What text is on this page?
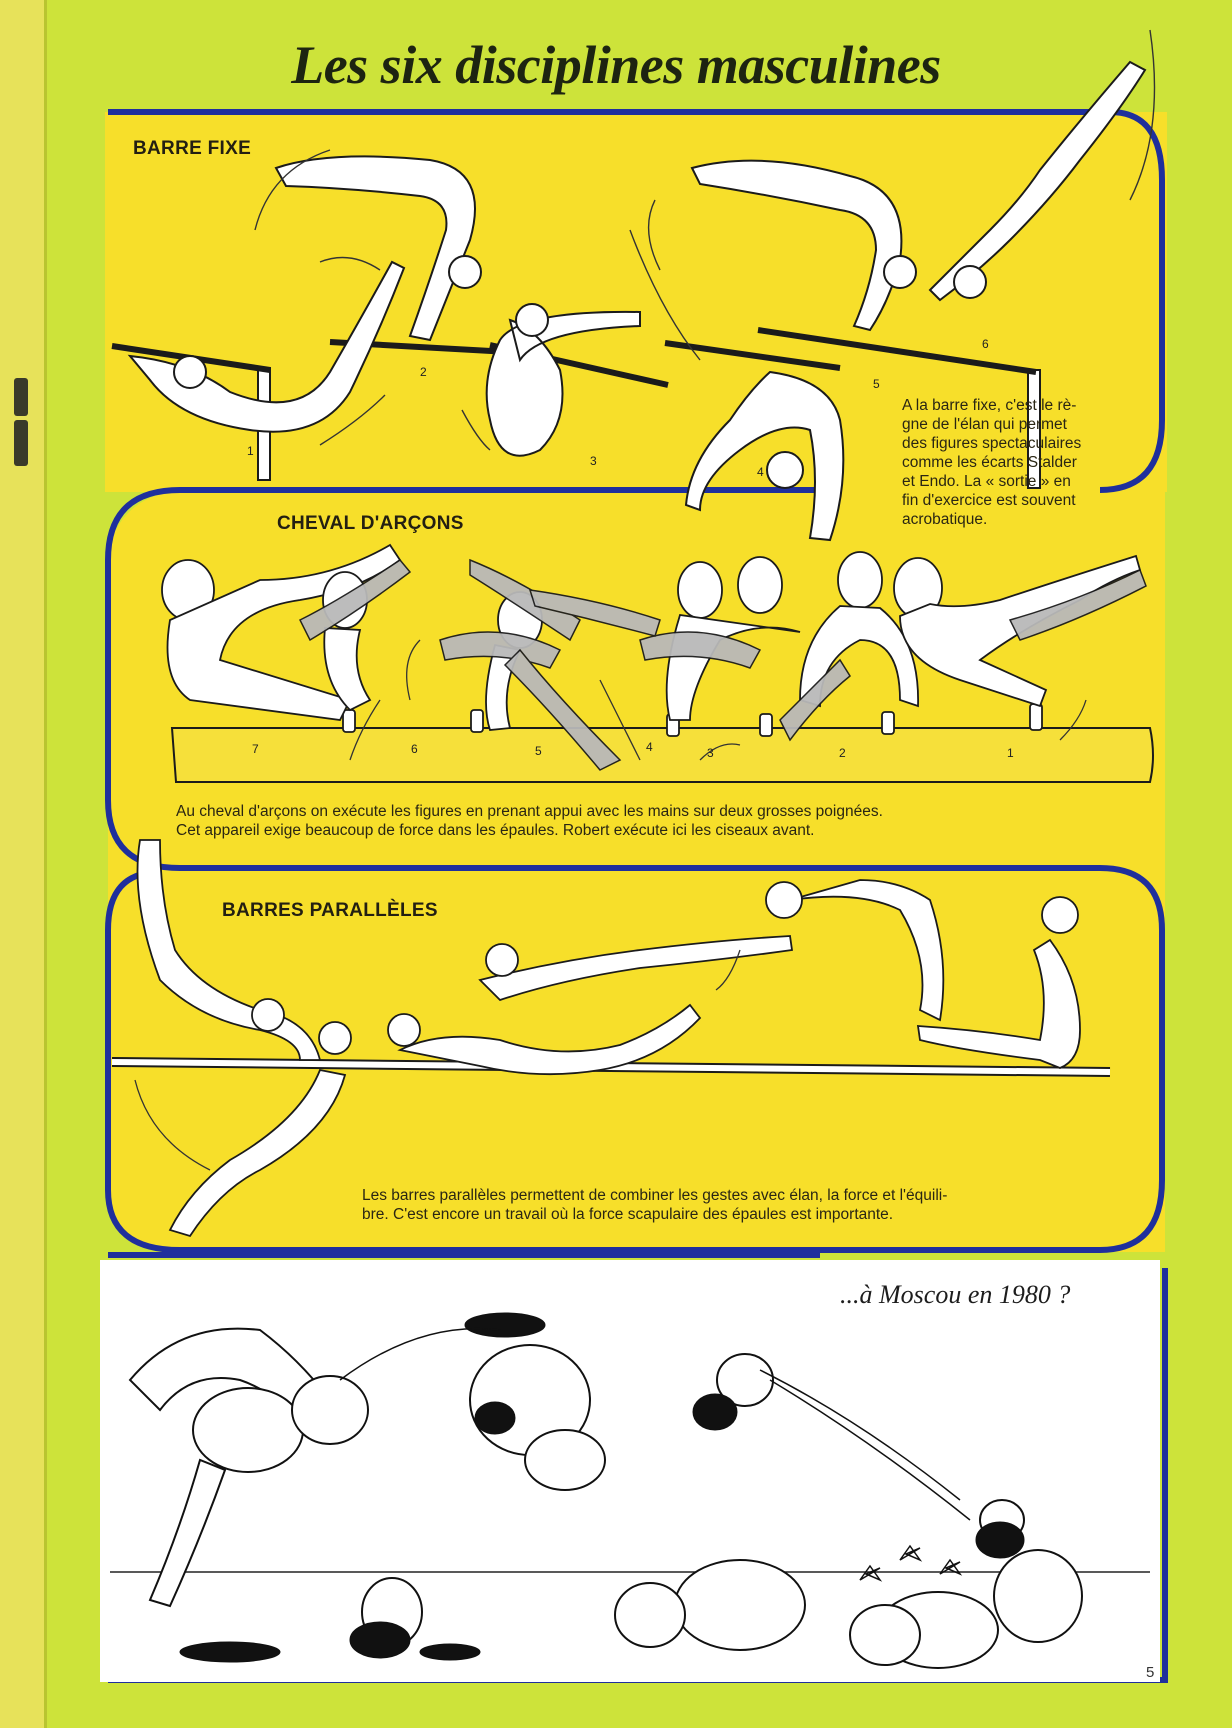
Les six disciplines masculines
BARRE FIXE
1
2
3
4
5
6
A la barre fixe, c'est le rè-
gne de l'élan qui permet
des figures spectaculaires
comme les écarts Stalder
et Endo. La « sortie » en
fin d'exercice est souvent
acrobatique.
CHEVAL D'ARÇONS
7	6	5	4	3	2	1
Au cheval d'arçons on exécute les figures en prenant appui avec les mains sur deux grosses poignées.
Cet appareil exige beaucoup de force dans les épaules. Robert exécute ici les ciseaux avant.
BARRES PARALLÈLES
Les barres parallèles permettent de combiner les gestes avec élan, la force et l'équili-
bre. C'est encore un travail où la force scapulaire des épaules est importante.
...à Moscou en 1980 ?
5
